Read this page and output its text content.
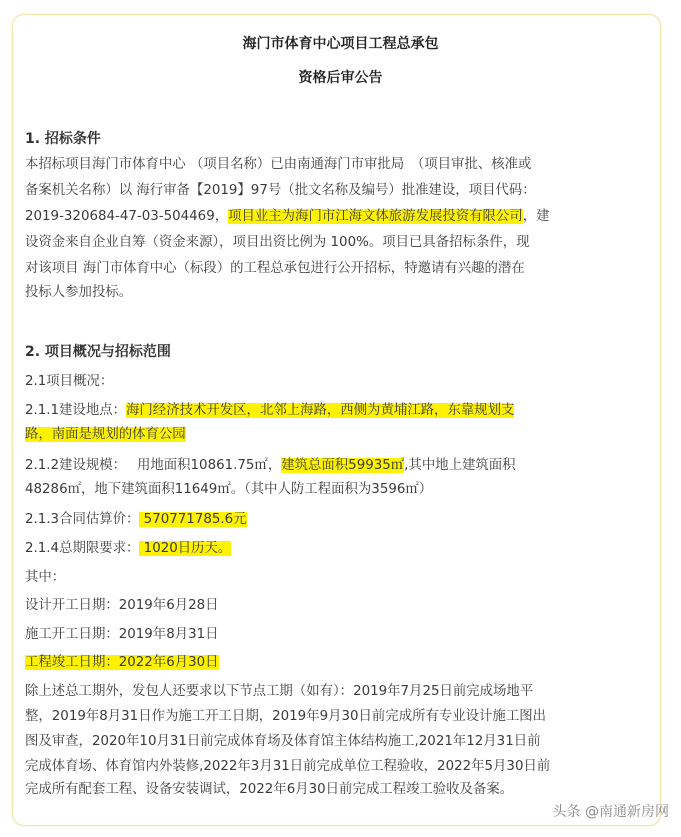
海门市体育中心项目工程总承包
资格后审公告
1. 招标条件
本招标项目海门市体育中心 （项目名称）已由南通海门市审批局　（项目审批、核准或
备案机关名称）以 海行审备【2019】97号（批文名称及编号）批准建设，项目代码：
2019-320684-47-03-504469，项目业主为海门市江海文体旅游发展投资有限公司，建
设资金来自企业自筹（资金来源），项目出资比例为 100%。项目已具备招标条件，现
对该项目 海门市体育中心（标段）的工程总承包进行公开招标，特邀请有兴趣的潜在
投标人参加投标。
2. 项目概况与招标范围
2.1项目概况：
2.1.1建设地点：海门经济技术开发区，北邻上海路，西侧为黄埔江路，东靠规划支
路，南面是规划的体育公园
2.1.2建设规模：　 用地面积10861.75㎡，建筑总面积59935㎡,其中地上建筑面积
48286㎡，地下建筑面积11649㎡。（其中人防工程面积为3596㎡）
2.1.3合同估算价： 570771785.6元
2.1.4总期限要求： 1020日历天。
其中：
设计开工日期：2019年6月28日
施工开工日期：2019年8月31日
工程竣工日期：2022年6月30日
除上述总工期外，发包人还要求以下节点工期（如有）：2019年7月25日前完成场地平
整，2019年8月31日作为施工开工日期，2019年9月30日前完成所有专业设计施工图出
图及审查，2020年10月31日前完成体育场及体育馆主体结构施工,2021年12月31日前
完成体育场、体育馆内外装修,2022年3月31日前完成单位工程验收，2022年5月30日前
完成所有配套工程、设备安装调试，2022年6月30日前完成工程竣工验收及备案。
头条 @南通新房网
